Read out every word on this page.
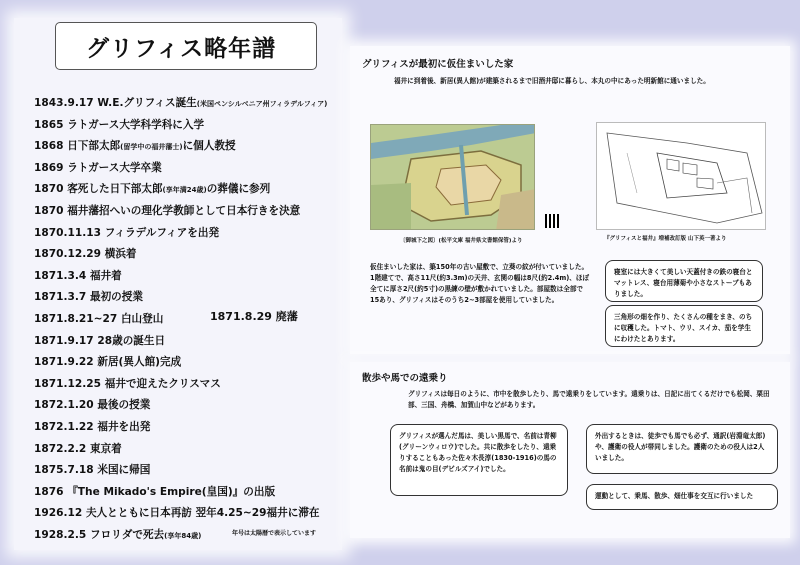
グリフィス略年譜
1843.9.17 W.E.グリフィス誕生(米国ペンシルベニア州フィラデルフィア)
1865 ラトガース大学科学科に入学
1868 日下部太郎(留学中の福井藩士)に個人教授
1869 ラトガース大学卒業
1870 客死した日下部太郎(享年満24歳)の葬儀に参列
1870 福井藩招へいの理化学教師として日本行きを決意
1870.11.13 フィラデルフィアを出発
1870.12.29 横浜着
1871.3.4 福井着
1871.3.7 最初の授業
1871.8.21~27 白山登山
1871.9.17 28歳の誕生日
1871.9.22 新居(異人館)完成
1871.12.25 福井で迎えたクリスマス
1872.1.20 最後の授業
1872.1.22 福井を出発
1872.2.2 東京着
1875.7.18 米国に帰国
1876 『The Mikado's Empire(皇国)』の出版
1926.12 夫人とともに日本再訪 翌年4.25~29福井に滞在
1928.2.5 フロリダで死去(享年84歳)
1871.8.29 廃藩
年号は太陽暦で表示しています
グリフィスが最初に仮住まいした家
福井に到着後、新居(異人館)が建築されるまで旧酒井邸に暮らし、本丸の中にあった明新館に通いました。
〔御城下之図〕(松平文庫 福井県文書館保管)より	『グリフィスと福井』増補改訂版 山下英一著より
仮住まいした家は、築150年の古い屋敷で、立葵の紋が付いていました。1階建てで、高さ11尺(約3.3m)の天井、玄関の幅は8尺(約2.4m)、ほぼ全てに厚さ2尺(約5寸)の黒練の壁が敷かれていました。部屋数は全部で15あり、グリフィスはそのうち2~3部屋を使用していました。
寝室には大きくて美しい天蓋付きの鉄の寝台とマットレス、寝台用薄菊や小さなストーブもありました。
三角形の畑を作り、たくさんの種をまき、のちに収穫した。トマト、ウリ、スイカ、茄を学生にわけたとあります。
散歩や馬での遠乗り
グリフィスは毎日のように、市中を散歩したり、馬で遠乗りをしています。遠乗りは、日記に出てくるだけでも松岡、栗田部、三国、舟橋、加賀山中などがあります。
グリフィスが選んだ馬は、美しい黒馬で、名前は青柳(グリーンウィロウ)でした。共に散歩をしたり、遠乗りすることもあった佐々木長淳(1830-1916)の馬の名前は鬼の目(デビルズアイ)でした。
外出するときは、徒歩でも馬でも必ず、通訳(岩淵竜太郎)や、護衛の役人が帯同しました。護衛のための役人は2人いました。
運動として、乗馬、散歩、畑仕事を交互に行いました
